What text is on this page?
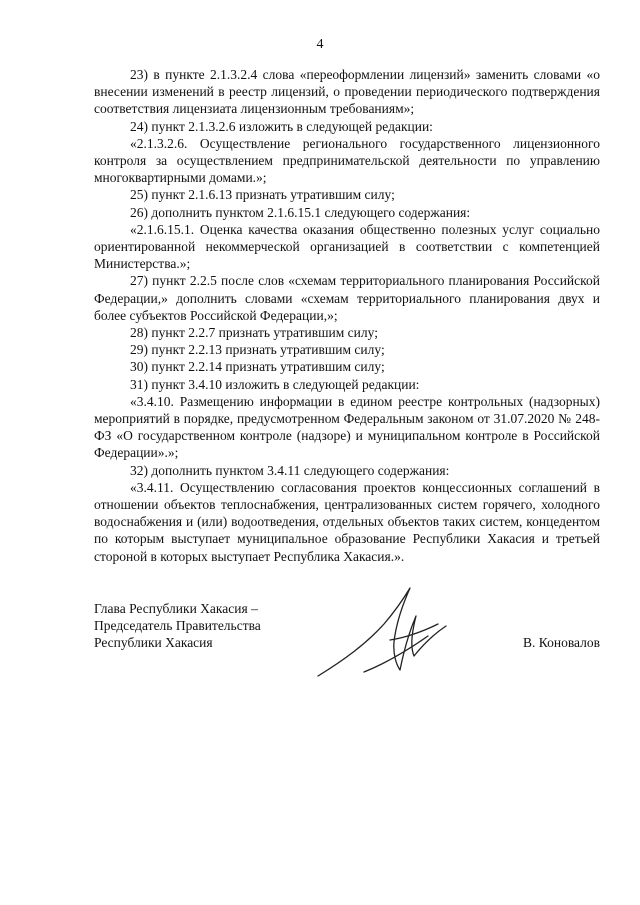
4

23) в пункте 2.1.3.2.4 слова «переоформлении лицензий» заменить словами «о внесении изменений в реестр лицензий, о проведении периодического подтверждения соответствия лицензиата лицензионным требованиям»;

24) пункт 2.1.3.2.6 изложить в следующей редакции:

«2.1.3.2.6. Осуществление регионального государственного лицензионного контроля за осуществлением предпринимательской деятельности по управлению многоквартирными домами.»;

25) пункт 2.1.6.13 признать утратившим силу;

26) дополнить пунктом 2.1.6.15.1 следующего содержания:

«2.1.6.15.1. Оценка качества оказания общественно полезных услуг социально ориентированной некоммерческой организацией в соответствии с компетенцией Министерства.»;

27) пункт 2.2.5 после слов «схемам территориального планирования Российской Федерации,» дополнить словами «схемам территориального планирования двух и более субъектов Российской Федерации,»;

28) пункт 2.2.7 признать утратившим силу;

29) пункт 2.2.13 признать утратившим силу;

30) пункт 2.2.14 признать утратившим силу;

31) пункт 3.4.10 изложить в следующей редакции:

«3.4.10. Размещению информации в едином реестре контрольных (надзорных) мероприятий в порядке, предусмотренном Федеральным законом от 31.07.2020 № 248-ФЗ «О государственном контроле (надзоре) и муниципальном контроле в Российской Федерации».»;

32) дополнить пунктом 3.4.11 следующего содержания:

«3.4.11. Осуществлению согласования проектов концессионных соглашений в отношении объектов теплоснабжения, централизованных систем горячего, холодного водоснабжения и (или) водоотведения, отдельных объектов таких систем, концедентом по которым выступает муниципальное образование Республики Хакасия и третьей стороной в которых выступает Республика Хакасия.».

Глава Республики Хакасия –
Председатель Правительства
Республики Хакасия	В. Коновалов
